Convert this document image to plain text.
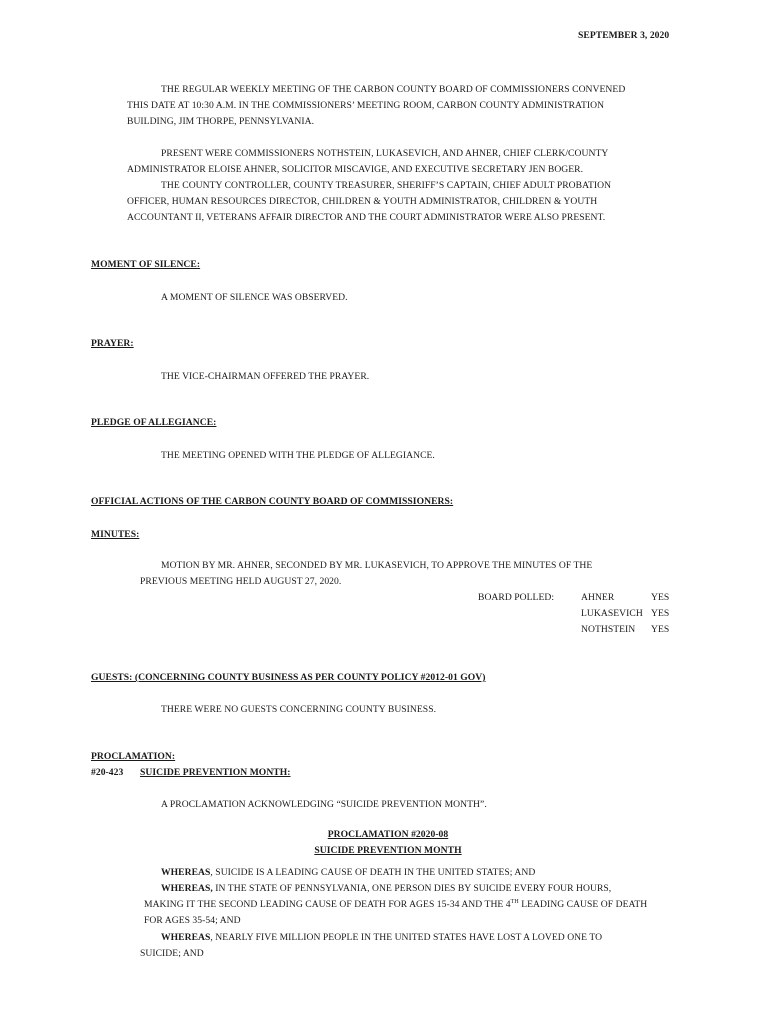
SEPTEMBER 3, 2020
THE REGULAR WEEKLY MEETING OF THE CARBON COUNTY BOARD OF COMMISSIONERS CONVENED
THIS DATE AT 10:30 A.M. IN THE COMMISSIONERS’ MEETING ROOM, CARBON COUNTY ADMINISTRATION
BUILDING, JIM THORPE, PENNSYLVANIA.
PRESENT WERE COMMISSIONERS NOTHSTEIN, LUKASEVICH, AND AHNER, CHIEF CLERK/COUNTY
ADMINISTRATOR ELOISE AHNER, SOLICITOR MISCAVIGE, AND EXECUTIVE SECRETARY JEN BOGER.
THE COUNTY CONTROLLER, COUNTY TREASURER, SHERIFF’S CAPTAIN, CHIEF ADULT PROBATION
OFFICER, HUMAN RESOURCES DIRECTOR, CHILDREN & YOUTH ADMINISTRATOR, CHILDREN & YOUTH
ACCOUNTANT II, VETERANS AFFAIR DIRECTOR AND THE COURT ADMINISTRATOR WERE ALSO PRESENT.
MOMENT OF SILENCE:
A MOMENT OF SILENCE WAS OBSERVED.
PRAYER:
THE VICE-CHAIRMAN OFFERED THE PRAYER.
PLEDGE OF ALLEGIANCE:
THE MEETING OPENED WITH THE PLEDGE OF ALLEGIANCE.
OFFICIAL ACTIONS OF THE CARBON COUNTY BOARD OF COMMISSIONERS:
MINUTES:
MOTION BY MR. AHNER, SECONDED BY MR. LUKASEVICH, TO APPROVE THE MINUTES OF THE
PREVIOUS MEETING HELD AUGUST 27, 2020.
BOARD POLLED:	AHNER	YES
LUKASEVICH YES
NOTHSTEIN YES
GUESTS: (CONCERNING COUNTY BUSINESS AS PER COUNTY POLICY #2012-01 GOV)
THERE WERE NO GUESTS CONCERNING COUNTY BUSINESS.
PROCLAMATION:
#20-423 SUICIDE PREVENTION MONTH:
A PROCLAMATION ACKNOWLEDGING “SUICIDE PREVENTION MONTH”.
PROCLAMATION #2020-08
SUICIDE PREVENTION MONTH
WHEREAS, SUICIDE IS A LEADING CAUSE OF DEATH IN THE UNITED STATES; AND
WHEREAS, IN THE STATE OF PENNSYLVANIA, ONE PERSON DIES BY SUICIDE EVERY FOUR HOURS,
MAKING IT THE SECOND LEADING CAUSE OF DEATH FOR AGES 15-34 AND THE 4TH LEADING CAUSE OF DEATH
FOR AGES 35-54; AND
WHEREAS, NEARLY FIVE MILLION PEOPLE IN THE UNITED STATES HAVE LOST A LOVED ONE TO
SUICIDE; AND
